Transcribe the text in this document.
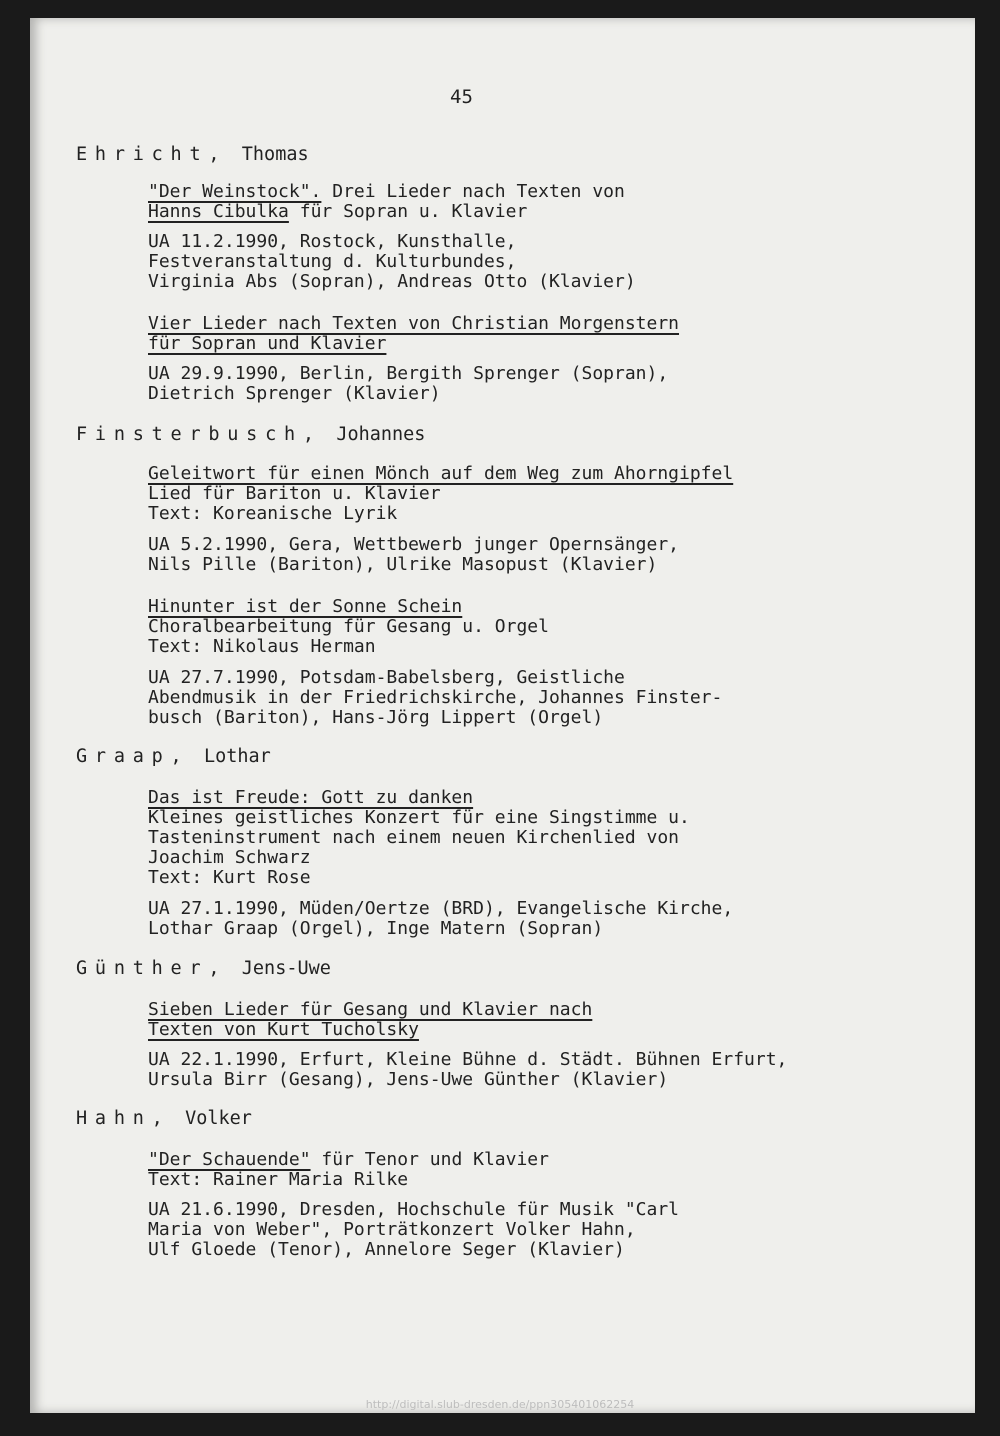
45
Ehricht,  Thomas
"Der Weinstock". Drei Lieder nach Texten von
Hanns Cibulka für Sopran u. Klavier
UA 11.2.1990, Rostock, Kunsthalle,
Festveranstaltung d. Kulturbundes,
Virginia Abs (Sopran), Andreas Otto (Klavier)
Vier Lieder nach Texten von Christian Morgenstern
für Sopran und Klavier
UA 29.9.1990, Berlin, Bergith Sprenger (Sopran),
Dietrich Sprenger (Klavier)
Finsterbusch,  Johannes
Geleitwort für einen Mönch auf dem Weg zum Ahorngipfel
Lied für Bariton u. Klavier
Text: Koreanische Lyrik
UA 5.2.1990, Gera, Wettbewerb junger Opernsänger,
Nils Pille (Bariton), Ulrike Masopust (Klavier)
Hinunter ist der Sonne Schein
Choralbearbeitung für Gesang u. Orgel
Text: Nikolaus Herman
UA 27.7.1990, Potsdam-Babelsberg, Geistliche
Abendmusik in der Friedrichskirche, Johannes Finster-
busch (Bariton), Hans-Jörg Lippert (Orgel)
Graap,  Lothar
Das ist Freude: Gott zu danken
Kleines geistliches Konzert für eine Singstimme u.
Tasteninstrument nach einem neuen Kirchenlied von
Joachim Schwarz
Text: Kurt Rose
UA 27.1.1990, Müden/Oertze (BRD), Evangelische Kirche,
Lothar Graap (Orgel), Inge Matern (Sopran)
Günther,  Jens-Uwe
Sieben Lieder für Gesang und Klavier nach
Texten von Kurt Tucholsky
UA 22.1.1990, Erfurt, Kleine Bühne d. Städt. Bühnen Erfurt,
Ursula Birr (Gesang), Jens-Uwe Günther (Klavier)
Hahn,  Volker
"Der Schauende" für Tenor und Klavier
Text: Rainer Maria Rilke
UA 21.6.1990, Dresden, Hochschule für Musik "Carl
Maria von Weber", Porträtkonzert Volker Hahn,
Ulf Gloede (Tenor), Annelore Seger (Klavier)
http://digital.slub-dresden.de/ppn305401062254
